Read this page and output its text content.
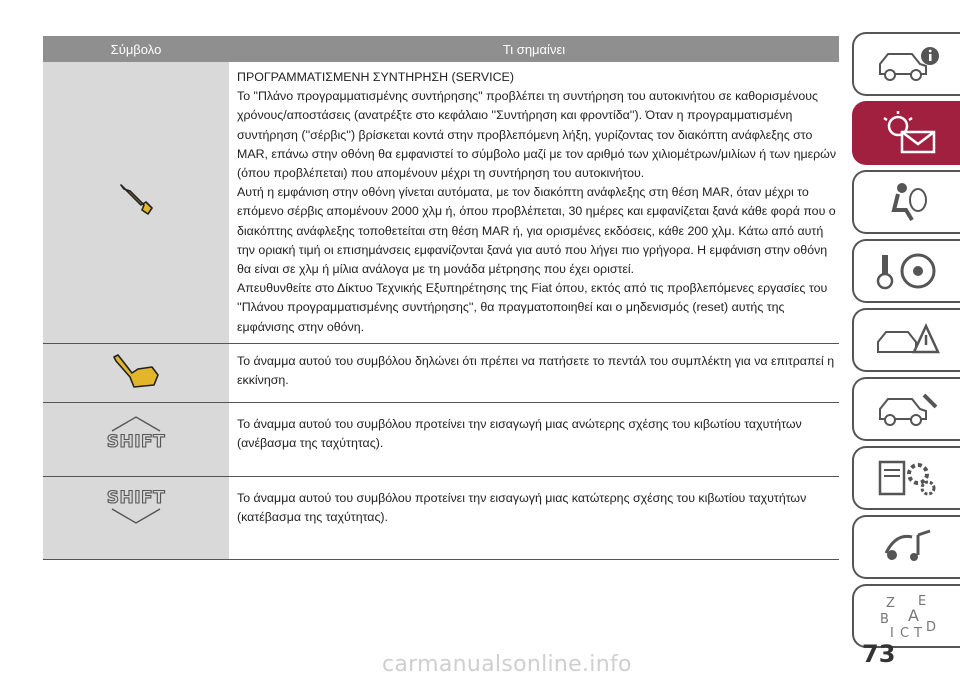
Σύμβολο	Τι σημαίνει

ΠΡΟΓΡΑΜΜΑΤΙΣΜΕΝΗ ΣΥΝΤΗΡΗΣΗ (SERVICE)

Το "Πλάνο προγραμματισμένης συντήρησης" προβλέπει τη συντήρηση του αυτοκινήτου σε καθορισμένους χρόνους/αποστάσεις (ανατρέξτε στο κεφάλαιο ''Συντήρηση και φροντίδα''). Όταν η προγραμματισμένη συντήρηση (''σέρβις'') βρίσκεται κοντά στην προβλεπόμενη λήξη, γυρίζοντας τον διακόπτη ανάφλεξης στο MAR, επάνω στην οθόνη θα εμφανιστεί το σύμβολο μαζί με τον αριθμό των χιλιομέτρων/μιλίων ή των ημερών (όπου προβλέπεται) που απομένουν μέχρι τη συντήρηση του αυτοκινήτου.

Αυτή η εμφάνιση στην οθόνη γίνεται αυτόματα, με τον διακόπτη ανάφλεξης στη θέση MAR, όταν μέχρι το επόμενο σέρβις απομένουν 2000 χλμ ή, όπου προβλέπεται, 30 ημέρες και εμφανίζεται ξανά κάθε φορά που ο διακόπτης ανάφλεξης τοποθετείται στη θέση MAR ή, για ορισμένες εκδόσεις, κάθε 200 χλμ. Κάτω από αυτή την οριακή τιμή οι επισημάνσεις εμφανίζονται ξανά για αυτό που λήγει πιο γρήγορα. Η εμφάνιση στην οθόνη θα είναι σε χλμ ή μίλια ανάλογα με τη μονάδα μέτρησης που έχει οριστεί.

Απευθυνθείτε στο Δίκτυο Τεχνικής Εξυπηρέτησης της Fiat όπου, εκτός από τις προβλεπόμενες εργασίες του ''Πλάνου προγραμματισμένης συντήρησης'', θα πραγματοποιηθεί και ο μηδενισμός (reset) αυτής της εμφάνισης στην οθόνη.

Το άναμμα αυτού του συμβόλου δηλώνει ότι πρέπει να πατήσετε το πεντάλ του συμπλέκτη για να επιτραπεί η εκκίνηση.

SHIFT

Το άναμμα αυτού του συμβόλου προτείνει την εισαγωγή μιας ανώτερης σχέσης του κιβωτίου ταχυτήτων (ανέβασμα της ταχύτητας).

SHIFT	Το άναμμα αυτού του συμβόλου προτείνει την εισαγωγή μιας κατώτερης σχέσης του κιβωτίου ταχυτήτων (κατέβασμα της ταχύτητας).

Z E
B A
I C T D
73
carmanualsonline.info
